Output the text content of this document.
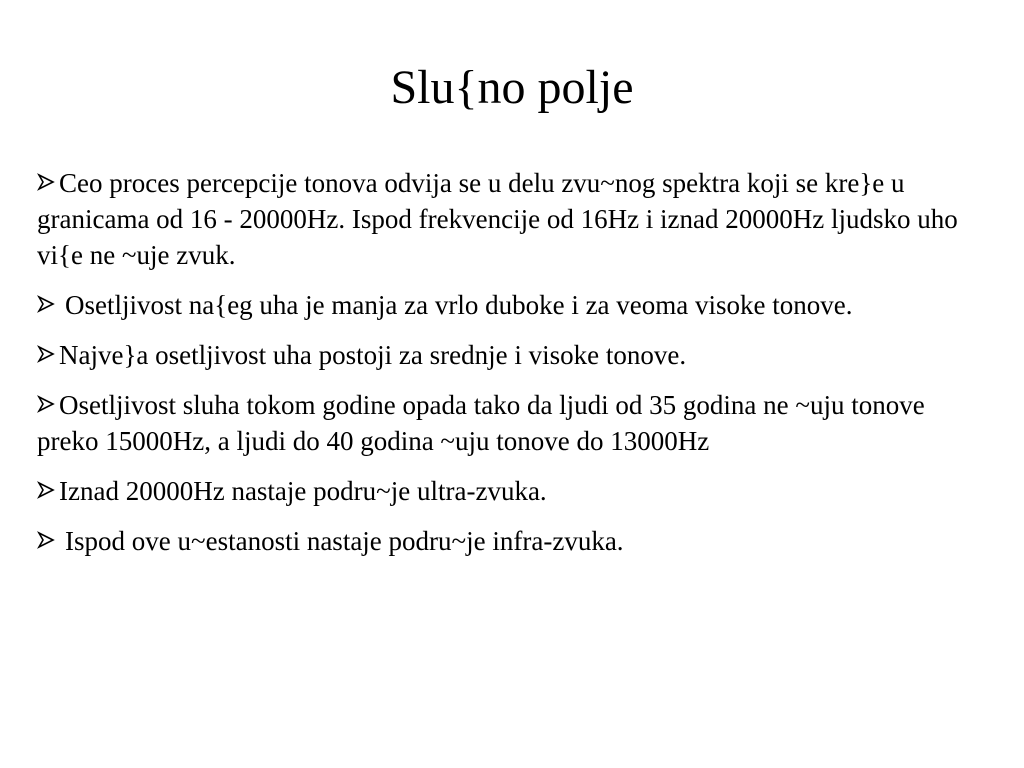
Slu{no polje
Ceo proces percepcije tonova odvija se u delu zvu~nog spektra koji se kre}e u granicama od 16 - 20000Hz. Ispod frekvencije od 16Hz i iznad 20000Hz ljudsko uho vi{e ne ~uje zvuk.
Osetljivost na{eg uha je manja za vrlo duboke i za veoma visoke tonove.
Najve}a osetljivost uha postoji za srednje i visoke tonove.
Osetljivost sluha tokom godine opada tako da ljudi od 35 godina ne ~uju tonove preko 15000Hz, a ljudi do 40 godina ~uju tonove do 13000Hz
Iznad 20000Hz nastaje podru~je ultra-zvuka.
Ispod ove u~estanosti nastaje podru~je infra-zvuka.
